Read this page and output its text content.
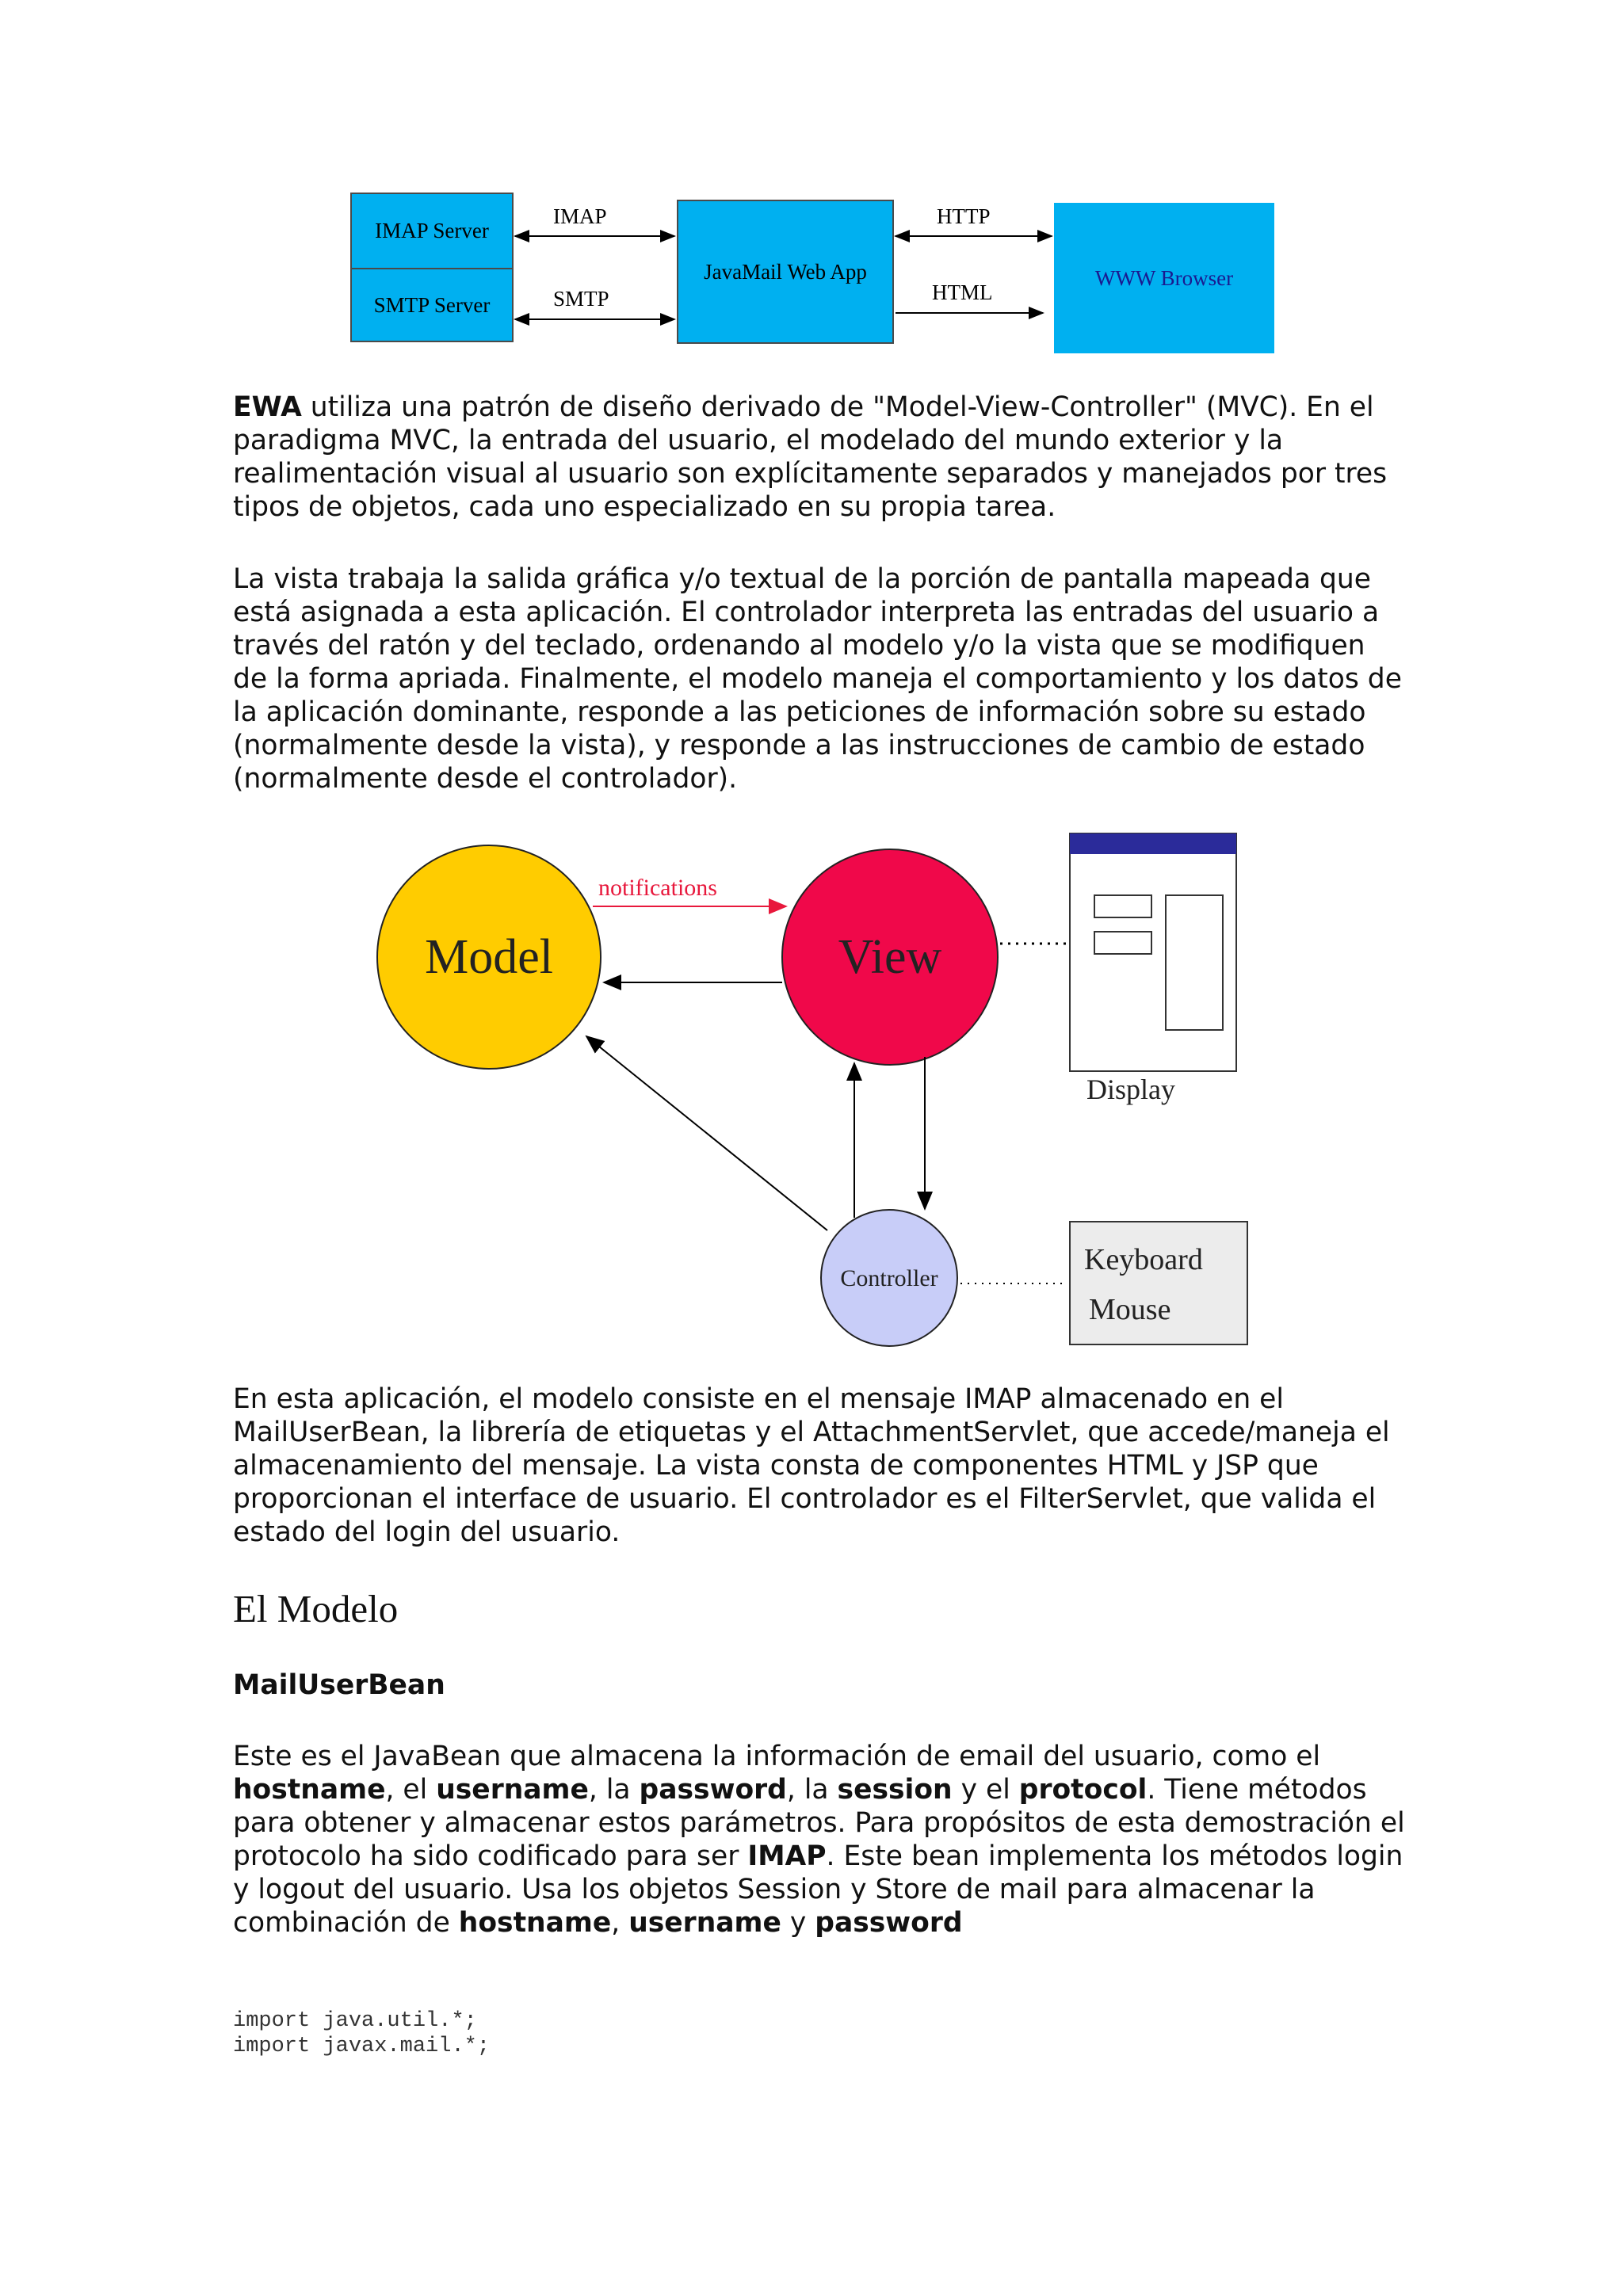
IMAP Server
SMTP Server
JavaMail Web App	WWW Browser
IMAP
SMTP
HTTP
HTML

EWA utiliza una patrón de diseño derivado de "Model-View-Controller" (MVC). En el paradigma MVC, la entrada del usuario, el modelado del mundo exterior y la realimentación visual al usuario son explícitamente separados y manejados por tres tipos de objetos, cada uno especializado en su propia tarea.

La vista trabaja la salida gráfica y/o textual de la porción de pantalla mapeada que está asignada a esta aplicación. El controlador interpreta las entradas del usuario a través del ratón y del teclado, ordenando al modelo y/o la vista que se modifiquen de la forma apriada. Finalmente, el modelo maneja el comportamiento y los datos de la aplicación dominante, responde a las peticiones de información sobre su estado (normalmente desde la vista), y responde a las instrucciones de cambio de estado (normalmente desde el controlador).

Model	View
Controller
notifications
Display
Keyboard
Mouse

En esta aplicación, el modelo consiste en el mensaje IMAP almacenado en el MailUserBean, la librería de etiquetas y el AttachmentServlet, que accede/maneja el almacenamiento del mensaje. La vista consta de componentes HTML y JSP que proporcionan el interface de usuario. El controlador es el FilterServlet, que valida el estado del login del usuario.

El Modelo
MailUserBean

Este es el JavaBean que almacena la información de email del usuario, como el hostname, el username, la password, la session y el protocol. Tiene métodos para obtener y almacenar estos parámetros. Para propósitos de esta demostración el protocolo ha sido codificado para ser IMAP. Este bean implementa los métodos login y logout del usuario. Usa los objetos Session y Store de mail para almacenar la combinación de hostname, username y password

import java.util.*;
import javax.mail.*;
